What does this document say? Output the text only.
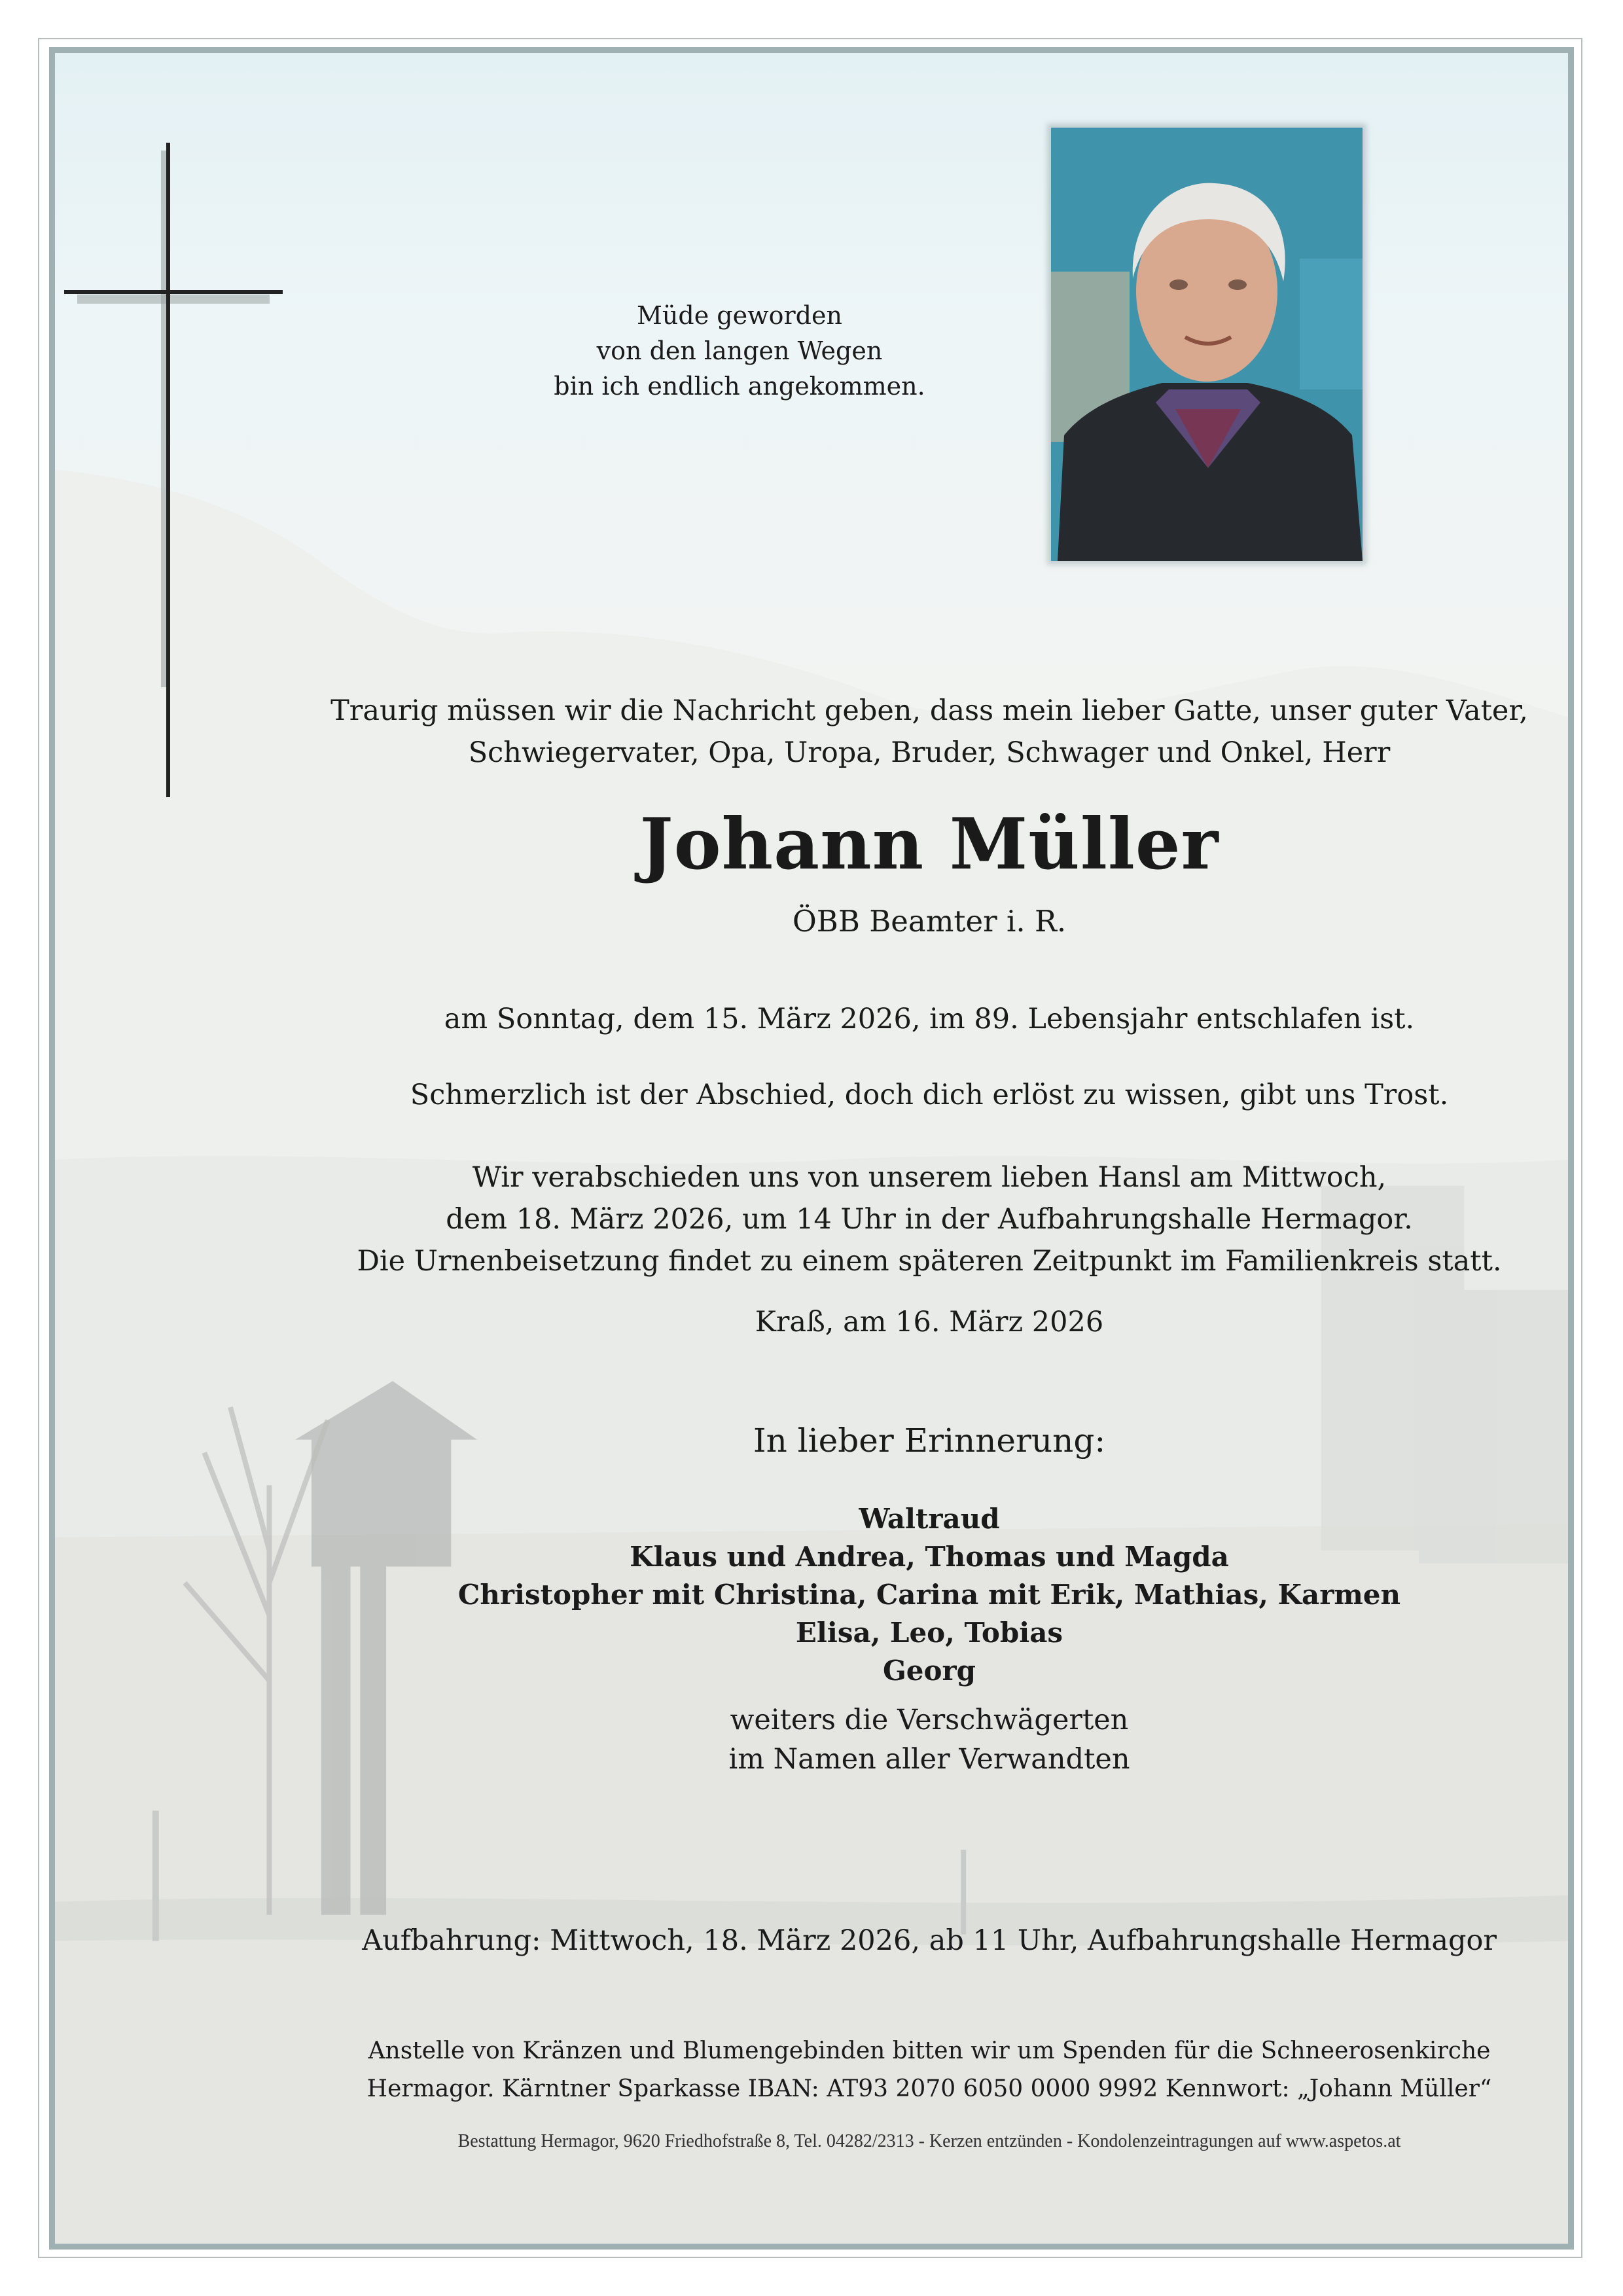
Müde geworden
von den langen Wegen
bin ich endlich angekommen.
Traurig müssen wir die Nachricht geben, dass mein lieber Gatte, unser guter Vater,
Schwiegervater, Opa, Uropa, Bruder, Schwager und Onkel, Herr
Johann Müller
ÖBB Beamter i. R.
am Sonntag, dem 15. März 2026, im 89. Lebensjahr entschlafen ist.
Schmerzlich ist der Abschied, doch dich erlöst zu wissen, gibt uns Trost.
Wir verabschieden uns von unserem lieben Hansl am Mittwoch,
dem 18. März 2026, um 14 Uhr in der Aufbahrungshalle Hermagor.
Die Urnenbeisetzung findet zu einem späteren Zeitpunkt im Familienkreis statt.
Kraß, am 16. März 2026
In lieber Erinnerung:
Waltraud
Klaus und Andrea, Thomas und Magda
Christopher mit Christina, Carina mit Erik, Mathias, Karmen
Elisa, Leo, Tobias
Georg
weiters die Verschwägerten
im Namen aller Verwandten
Aufbahrung: Mittwoch, 18. März 2026, ab 11 Uhr, Aufbahrungshalle Hermagor
Anstelle von Kränzen und Blumengebinden bitten wir um Spenden für die Schneerosenkirche
Hermagor. Kärntner Sparkasse IBAN: AT93 2070 6050 0000 9992 Kennwort: „Johann Müller“
Bestattung Hermagor, 9620 Friedhofstraße 8, Tel. 04282/2313 - Kerzen entzünden - Kondolenzeintragungen auf www.aspetos.at
